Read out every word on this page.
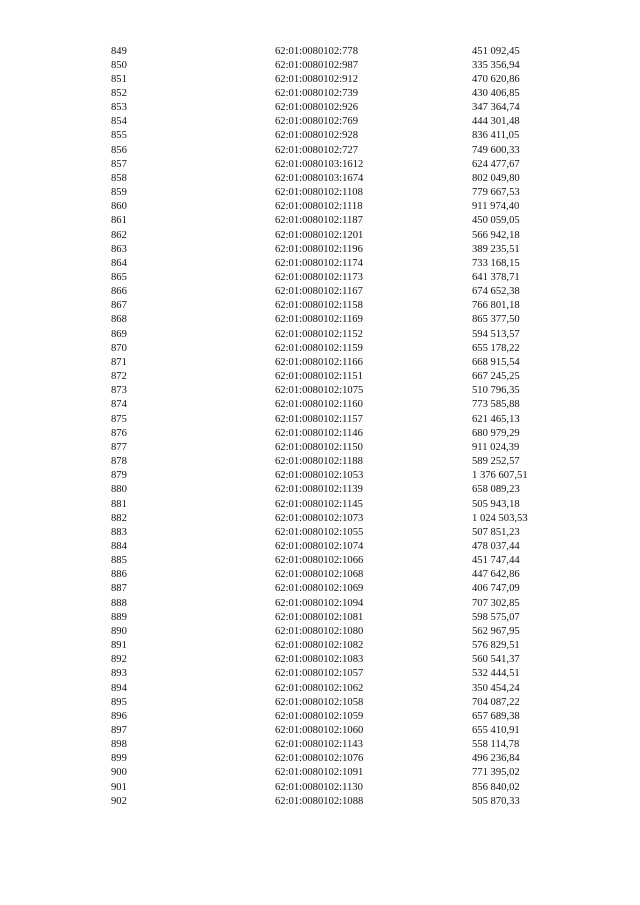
849	62:01:0080102:778	451 092,45
850	62:01:0080102:987	335 356,94
851	62:01:0080102:912	470 620,86
852	62:01:0080102:739	430 406,85
853	62:01:0080102:926	347 364,74
854	62:01:0080102:769	444 301,48
855	62:01:0080102:928	836 411,05
856	62:01:0080102:727	749 600,33
857	62:01:0080103:1612	624 477,67
858	62:01:0080103:1674	802 049,80
859	62:01:0080102:1108	779 667,53
860	62:01:0080102:1118	911 974,40
861	62:01:0080102:1187	450 059,05
862	62:01:0080102:1201	566 942,18
863	62:01:0080102:1196	389 235,51
864	62:01:0080102:1174	733 168,15
865	62:01:0080102:1173	641 378,71
866	62:01:0080102:1167	674 652,38
867	62:01:0080102:1158	766 801,18
868	62:01:0080102:1169	865 377,50
869	62:01:0080102:1152	594 513,57
870	62:01:0080102:1159	655 178,22
871	62:01:0080102:1166	668 915,54
872	62:01:0080102:1151	667 245,25
873	62:01:0080102:1075	510 796,35
874	62:01:0080102:1160	773 585,88
875	62:01:0080102:1157	621 465,13
876	62:01:0080102:1146	680 979,29
877	62:01:0080102:1150	911 024,39
878	62:01:0080102:1188	589 252,57
879	62:01:0080102:1053	1 376 607,51
880	62:01:0080102:1139	658 089,23
881	62:01:0080102:1145	505 943,18
882	62:01:0080102:1073	1 024 503,53
883	62:01:0080102:1055	507 851,23
884	62:01:0080102:1074	478 037,44
885	62:01:0080102:1066	451 747,44
886	62:01:0080102:1068	447 642,86
887	62:01:0080102:1069	406 747,09
888	62:01:0080102:1094	707 302,85
889	62:01:0080102:1081	598 575,07
890	62:01:0080102:1080	562 967,95
891	62:01:0080102:1082	576 829,51
892	62:01:0080102:1083	560 541,37
893	62:01:0080102:1057	532 444,51
894	62:01:0080102:1062	350 454,24
895	62:01:0080102:1058	704 087,22
896	62:01:0080102:1059	657 689,38
897	62:01:0080102:1060	655 410,91
898	62:01:0080102:1143	558 114,78
899	62:01:0080102:1076	496 236,84
900	62:01:0080102:1091	771 395,02
901	62:01:0080102:1130	856 840,02
902	62:01:0080102:1088	505 870,33
